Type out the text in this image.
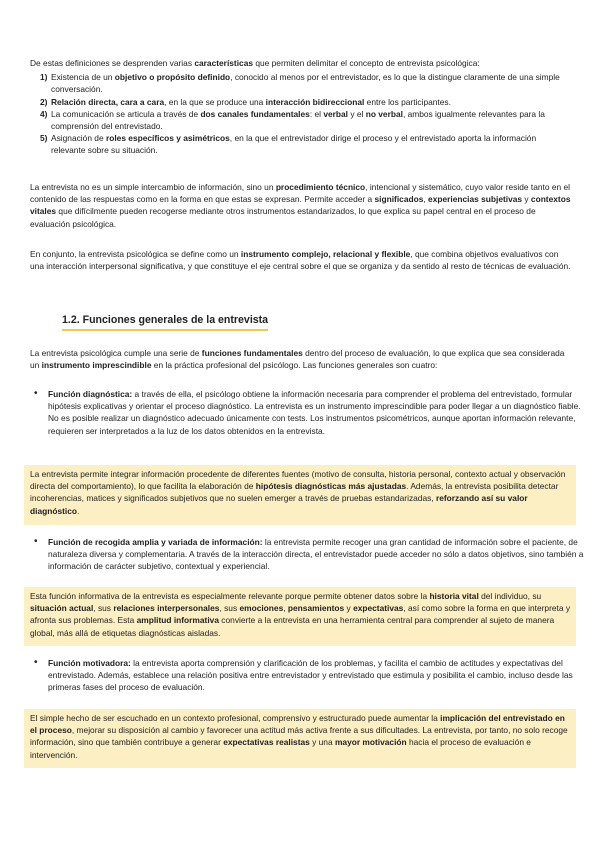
De estas definiciones se desprenden varias características que permiten delimitar el concepto de entrevista psicológica:

1) Existencia de un objetivo o propósito definido, conocido al menos por el entrevistador, es lo que la distingue claramente de una simple conversación.
2) Relación directa, cara a cara, en la que se produce una interacción bidireccional entre los participantes.
4) La comunicación se articula a través de dos canales fundamentales: el verbal y el no verbal, ambos igualmente relevantes para la comprensión del entrevistado.
5) Asignación de roles específicos y asimétricos, en la que el entrevistador dirige el proceso y el entrevistado aporta la información relevante sobre su situación.

La entrevista no es un simple intercambio de información, sino un procedimiento técnico, intencional y sistemático, cuyo valor reside tanto en el contenido de las respuestas como en la forma en que estas se expresan. Permite acceder a significados, experiencias subjetivas y contextos vitales que difícilmente pueden recogerse mediante otros instrumentos estandarizados, lo que explica su papel central en el proceso de evaluación psicológica.

En conjunto, la entrevista psicológica se define como un instrumento complejo, relacional y flexible, que combina objetivos evaluativos con una interacción interpersonal significativa, y que constituye el eje central sobre el que se organiza y da sentido al resto de técnicas de evaluación.

1.2. Funciones generales de la entrevista

La entrevista psicológica cumple una serie de funciones fundamentales dentro del proceso de evaluación, lo que explica que sea considerada un instrumento imprescindible en la práctica profesional del psicólogo. Las funciones generales son cuatro:

• Función diagnóstica: a través de ella, el psicólogo obtiene la información necesaria para comprender el problema del entrevistado, formular hipótesis explicativas y orientar el proceso diagnóstico. La entrevista es un instrumento imprescindible para poder llegar a un diagnóstico fiable. No es posible realizar un diagnóstico adecuado únicamente con tests. Los instrumentos psicométricos, aunque aportan información relevante, requieren ser interpretados a la luz de los datos obtenidos en la entrevista.

La entrevista permite integrar información procedente de diferentes fuentes (motivo de consulta, historia personal, contexto actual y observación directa del comportamiento), lo que facilita la elaboración de hipótesis diagnósticas más ajustadas. Además, la entrevista posibilita detectar incoherencias, matices y significados subjetivos que no suelen emerger a través de pruebas estandarizadas, reforzando así su valor diagnóstico.

• Función de recogida amplia y variada de información: la entrevista permite recoger una gran cantidad de información sobre el paciente, de naturaleza diversa y complementaria. A través de la interacción directa, el entrevistador puede acceder no sólo a datos objetivos, sino también a información de carácter subjetivo, contextual y experiencial.

Esta función informativa de la entrevista es especialmente relevante porque permite obtener datos sobre la historia vital del individuo, su situación actual, sus relaciones interpersonales, sus emociones, pensamientos y expectativas, así como sobre la forma en que interpreta y afronta sus problemas. Esta amplitud informativa convierte a la entrevista en una herramienta central para comprender al sujeto de manera global, más allá de etiquetas diagnósticas aisladas.

• Función motivadora: la entrevista aporta comprensión y clarificación de los problemas, y facilita el cambio de actitudes y expectativas del entrevistado. Además, establece una relación positiva entre entrevistador y entrevistado que estimula y posibilita el cambio, incluso desde las primeras fases del proceso de evaluación.

El simple hecho de ser escuchado en un contexto profesional, comprensivo y estructurado puede aumentar la implicación del entrevistado en el proceso, mejorar su disposición al cambio y favorecer una actitud más activa frente a sus dificultades. La entrevista, por tanto, no solo recoge información, sino que también contribuye a generar expectativas realistas y una mayor motivación hacia el proceso de evaluación e intervención.
